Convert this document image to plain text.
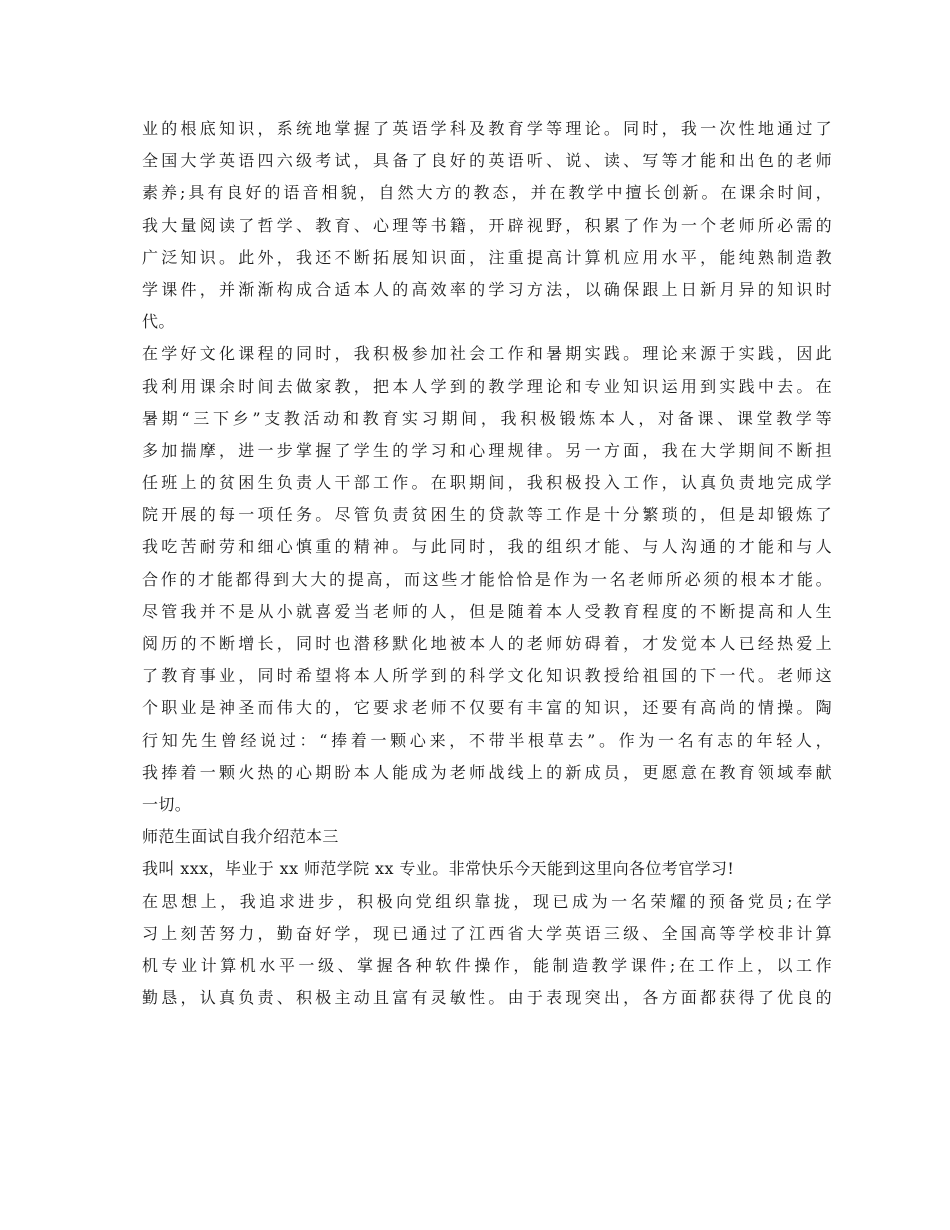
业的根底知识，系统地掌握了英语学科及教育学等理论。同时，我一次性地通过了
全国大学英语四六级考试，具备了良好的英语听、说、读、写等才能和出色的老师
素养;具有良好的语音相貌，自然大方的教态，并在教学中擅长创新。在课余时间，
我大量阅读了哲学、教育、心理等书籍，开辟视野，积累了作为一个老师所必需的
广泛知识。此外，我还不断拓展知识面，注重提高计算机应用水平，能纯熟制造教
学课件，并渐渐构成合适本人的高效率的学习方法，以确保跟上日新月异的知识时
代。
在学好文化课程的同时，我积极参加社会工作和暑期实践。理论来源于实践，因此
我利用课余时间去做家教，把本人学到的教学理论和专业知识运用到实践中去。在
暑期“三下乡”支教活动和教育实习期间，我积极锻炼本人，对备课、课堂教学等
多加揣摩，进一步掌握了学生的学习和心理规律。另一方面，我在大学期间不断担
任班上的贫困生负责人干部工作。在职期间，我积极投入工作，认真负责地完成学
院开展的每一项任务。尽管负责贫困生的贷款等工作是十分繁琐的，但是却锻炼了
我吃苦耐劳和细心慎重的精神。与此同时，我的组织才能、与人沟通的才能和与人
合作的才能都得到大大的提高，而这些才能恰恰是作为一名老师所必须的根本才能。
尽管我并不是从小就喜爱当老师的人，但是随着本人受教育程度的不断提高和人生
阅历的不断增长，同时也潜移默化地被本人的老师妨碍着，才发觉本人已经热爱上
了教育事业，同时希望将本人所学到的科学文化知识教授给祖国的下一代。老师这
个职业是神圣而伟大的，它要求老师不仅要有丰富的知识，还要有高尚的情操。陶
行知先生曾经说过：“捧着一颗心来，不带半根草去”。作为一名有志的年轻人，
我捧着一颗火热的心期盼本人能成为老师战线上的新成员，更愿意在教育领域奉献
一切。
师范生面试自我介绍范本三
我叫 xxx，毕业于 xx 师范学院 xx 专业。非常快乐今天能到这里向各位考官学习!
在思想上，我追求进步，积极向党组织靠拢，现已成为一名荣耀的预备党员;在学
习上刻苦努力，勤奋好学，现已通过了江西省大学英语三级、全国高等学校非计算
机专业计算机水平一级、掌握各种软件操作，能制造教学课件;在工作上，以工作
勤恳，认真负责、积极主动且富有灵敏性。由于表现突出，各方面都获得了优良的
